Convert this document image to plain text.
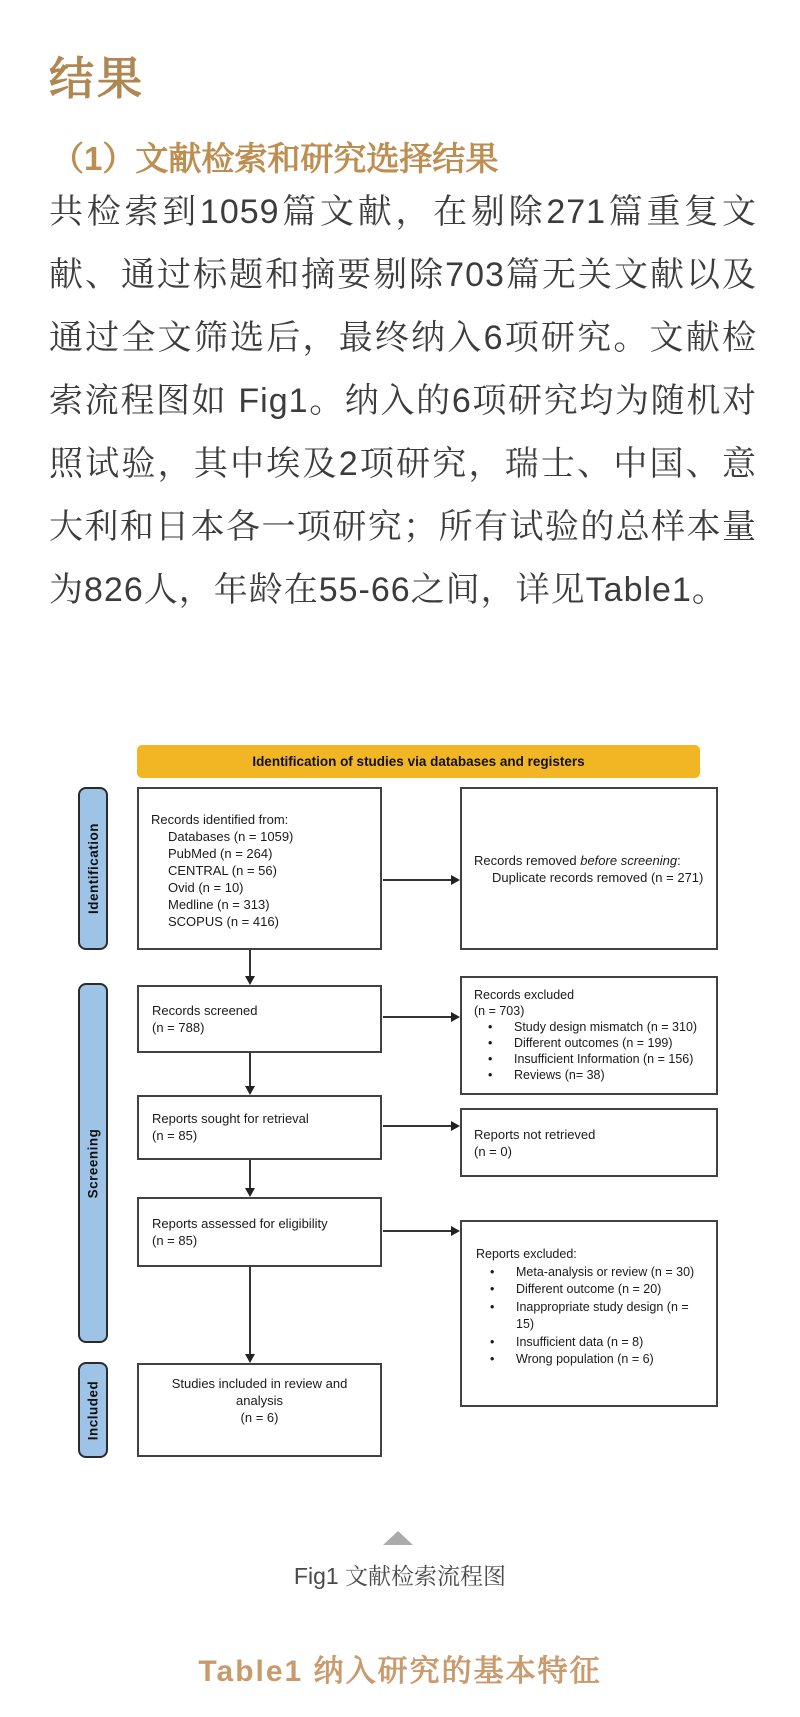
结果
（1）文献检索和研究选择结果

共检索到1059篇文献，在剔除271篇重复文献、通过标题和摘要剔除703篇无关文献以及通过全文筛选后，最终纳入6项研究。文献检索流程图如 Fig1。纳入的6项研究均为随机对照试验，其中埃及2项研究，瑞士、中国、意大利和日本各一项研究；所有试验的总样本量为826人，年龄在55-66之间，详见Table1。

Identification of studies via databases and registers
Identification
Screening
Included
Records identified from:
Databases (n = 1059)
PubMed (n = 264)
CENTRAL (n = 56)
Ovid (n = 10)
Medline (n = 313)
SCOPUS (n = 416)
Records removed before screening:
Duplicate records removed (n = 271)
Records screened
(n = 788)
Records excluded
(n = 703)
• Study design mismatch (n = 310)
• Different outcomes (n = 199)
• Insufficient Information (n = 156)
• Reviews (n= 38)
Reports sought for retrieval
(n = 85)	Reports not retrieved
(n = 0)
Reports assessed for eligibility
(n = 85)
Reports excluded:
• Meta-analysis or review (n = 30)
• Different outcome (n = 20)
• Inappropriate study design (n = 15)
• Insufficient data (n = 8)
• Wrong population (n = 6)
Studies included in review and analysis
(n = 6)
Fig1 文献检索流程图
Table1 纳入研究的基本特征
